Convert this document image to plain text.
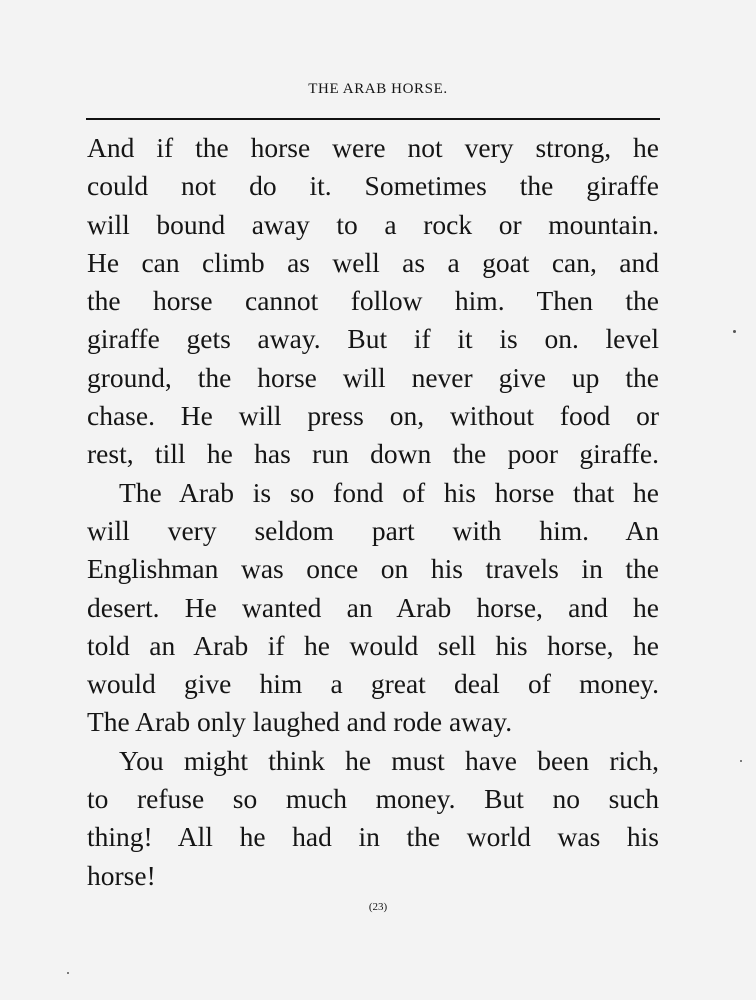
THE ARAB HORSE.
And if the horse were not very strong, he
could not do it. Sometimes the giraffe
will bound away to a rock or mountain.
He can climb as well as a goat can, and
the horse cannot follow him. Then the
giraffe gets away. But if it is on. level
ground, the horse will never give up the
chase. He will press on, without food or
rest, till he has run down the poor giraffe.
The Arab is so fond of his horse that he
will very seldom part with him. An
Englishman was once on his travels in the
desert. He wanted an Arab horse, and he
told an Arab if he would sell his horse, he
would give him a great deal of money.
The Arab only laughed and rode away.
You might think he must have been rich,
to refuse so much money. But no such
thing! All he had in the world was his
horse!
(23)
